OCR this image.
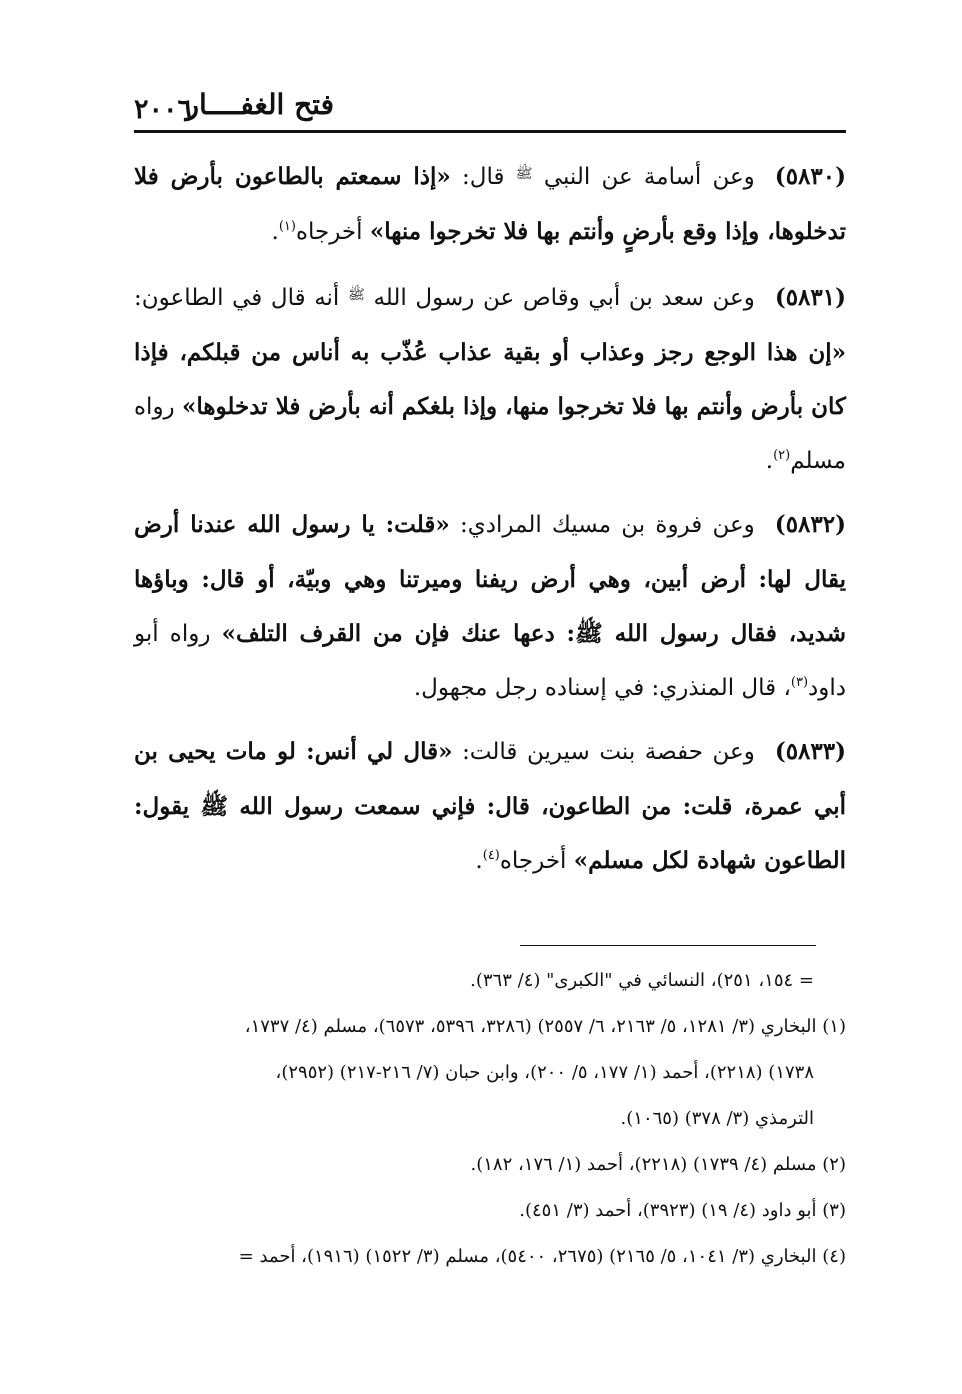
فتح الغفــــار
٢٠٠٦

(٥٨٣٠)وعن أسامة عن النبي $^ﷺ$ قال: «إذا سمعتم بالطاعون بأرض فلا تدخلوها، وإذا وقع بأرضٍ وأنتم بها فلا تخرجوا منها» أخرجاه$^{(١)}$.

(٥٨٣١)وعن سعد بن أبي وقاص عن رسول الله $^ﷺ$ أنه قال في الطاعون: «إن هذا الوجع رجز وعذاب أو بقية عذاب عُذّب به أناس من قبلكم، فإذا كان بأرض وأنتم بها فلا تخرجوا منها، وإذا بلغكم أنه بأرض فلا تدخلوها» رواه مسلم$^{(٢)}$.

(٥٨٣٢)وعن فروة بن مسيك المرادي: «قلت: يا رسول الله عندنا أرض يقال لها: أرض أبين، وهي أرض ريفنا وميرتنا وهي وبيّة، أو قال: وباؤها شديد، فقال رسول الله ﷺ: دعها عنك فإن من القرف التلف» رواه أبو داود$^{(٣)}$، قال المنذري: في إسناده رجل مجهول.

(٥٨٣٣)وعن حفصة بنت سيرين قالت: «قال لي أنس: لو مات يحيى بن أبي عمرة، قلت: من الطاعون، قال: فإني سمعت رسول الله ﷺ يقول: الطاعون شهادة لكل مسلم» أخرجاه$^{(٤)}$.

= ١٥٤، ٢٥١)، النسائي في "الكبرى" (٤/ ٣٦٣).

(١) البخاري (٣/ ١٢٨١، ٥/ ٢١٦٣، ٦/ ٢٥٥٧) (٣٢٨٦، ٥٣٩٦، ٦٥٧٣)، مسلم (٤/ ١٧٣٧،

١٧٣٨) (٢٢١٨)، أحمد (١/ ١٧٧، ٥/ ٢٠٠)، وابن حبان (٧/ ٢١٦-٢١٧) (٢٩٥٢)،

الترمذي (٣/ ٣٧٨) (١٠٦٥).

(٢) مسلم (٤/ ١٧٣٩) (٢٢١٨)، أحمد (١/ ١٧٦، ١٨٢).

(٣) أبو داود (٤/ ١٩) (٣٩٢٣)، أحمد (٣/ ٤٥١).

(٤) البخاري (٣/ ١٠٤١، ٥/ ٢١٦٥) (٢٦٧٥، ٥٤٠٠)، مسلم (٣/ ١٥٢٢) (١٩١٦)، أحمد =
